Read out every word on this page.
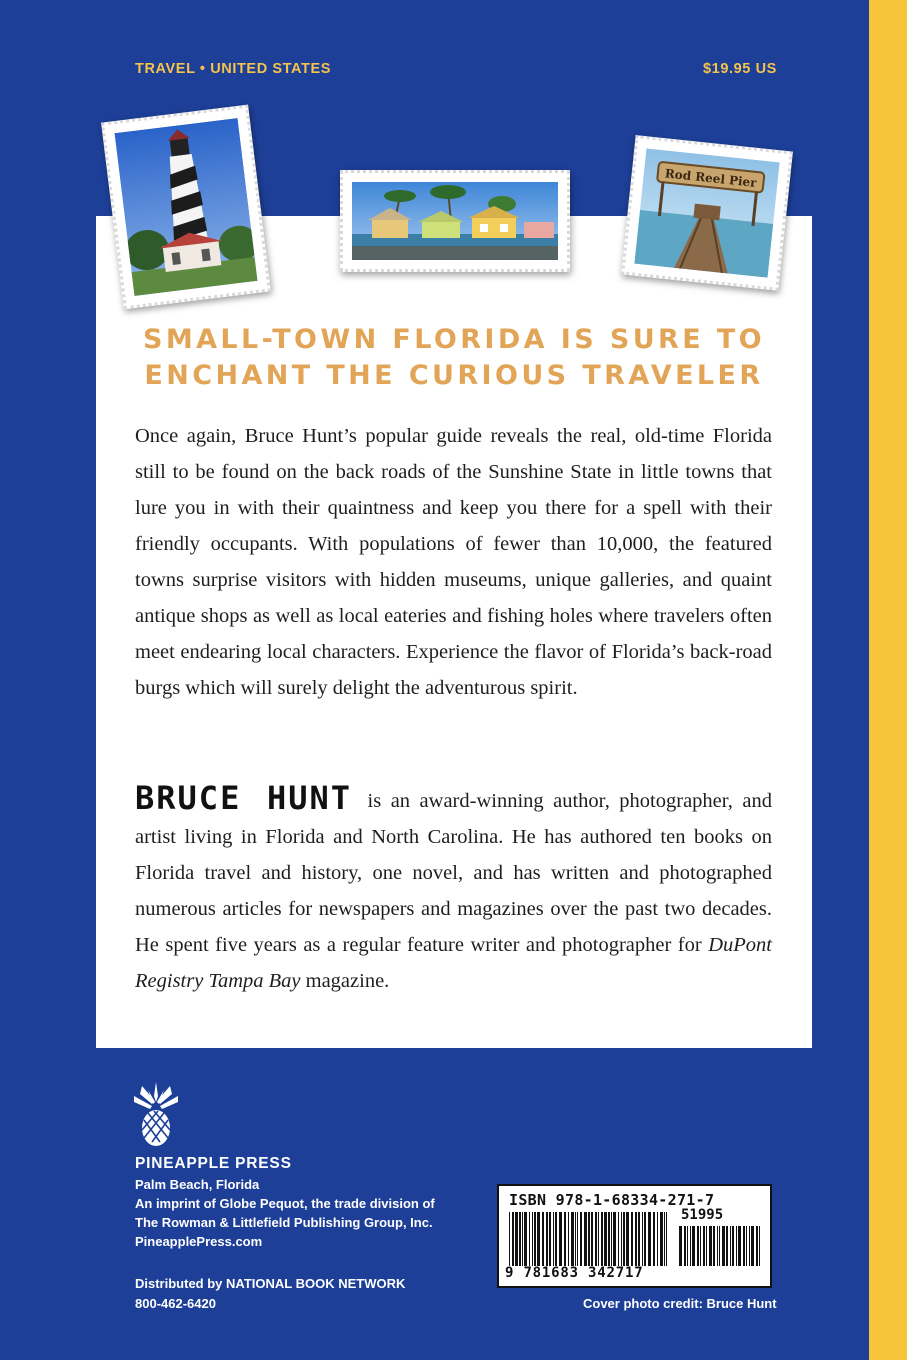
TRAVEL • UNITED STATES	$19.95 US
Rod Reel Pier
SMALL-TOWN FLORIDA IS SURE TO
ENCHANT THE CURIOUS TRAVELER
Once again, Bruce Hunt’s popular guide reveals the real, old-time Florida still to be found on the back roads of the Sunshine State in little towns that lure you in with their quaintness and keep you there for a spell with their friendly occupants. With populations of fewer than 10,000, the featured towns surprise visitors with hidden museums, unique galleries, and quaint antique shops as well as local eateries and fishing holes where travelers often meet endearing local characters. Experience the flavor of Florida’s back-road burgs which will surely delight the adventurous spirit.
BRUCE HUNT is an award-winning author, photographer, and artist living in Florida and North Carolina. He has authored ten books on Florida travel and history, one novel, and has written and photographed numerous articles for newspapers and magazines over the past two decades. He spent five years as a regular feature writer and photographer for DuPont Registry Tampa Bay magazine.
PINEAPPLE PRESS
Palm Beach, Florida
An imprint of Globe Pequot, the trade division of
The Rowman & Littlefield Publishing Group, Inc.
PineapplePress.com
Distributed by NATIONAL BOOK NETWORK
800-462-6420
ISBN 978-1-68334-271-7
51995
9 781683 342717
Cover photo credit: Bruce Hunt
